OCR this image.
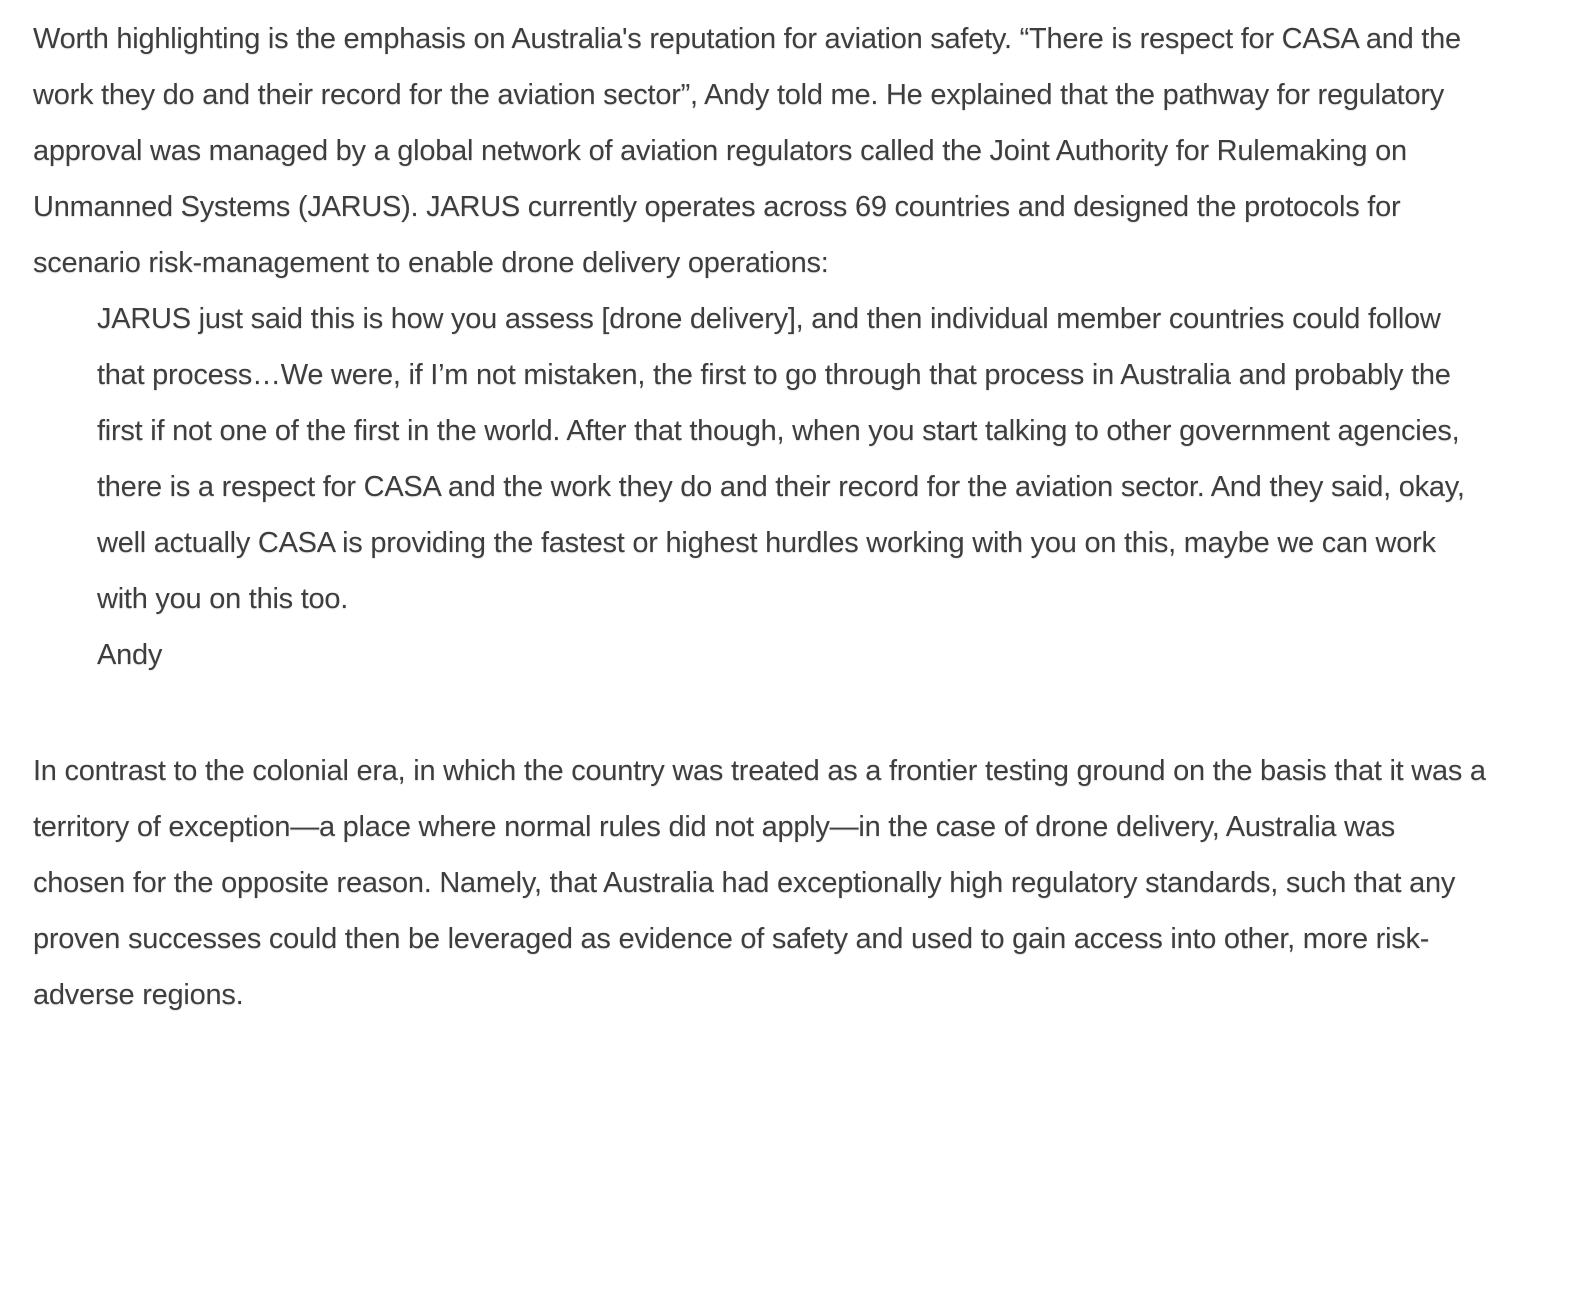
Worth highlighting is the emphasis on Australia's reputation for aviation safety. “There is respect for CASA and the work they do and their record for the aviation sector”, Andy told me. He explained that the pathway for regulatory approval was managed by a global network of aviation regulators called the Joint Authority for Rulemaking on Unmanned Systems (JARUS). JARUS currently operates across 69 countries and designed the protocols for scenario risk-management to enable drone delivery operations:

JARUS just said this is how you assess [drone delivery], and then individual member countries could follow that process…We were, if I’m not mistaken, the first to go through that process in Australia and probably the first if not one of the first in the world. After that though, when you start talking to other government agencies, there is a respect for CASA and the work they do and their record for the aviation sector. And they said, okay, well actually CASA is providing the fastest or highest hurdles working with you on this, maybe we can work with you on this too.

Andy

In contrast to the colonial era, in which the country was treated as a frontier testing ground on the basis that it was a territory of exception—a place where normal rules did not apply—in the case of drone delivery, Australia was chosen for the opposite reason. Namely, that Australia had exceptionally high regulatory standards, such that any proven successes could then be leveraged as evidence of safety and used to gain access into other, more risk-adverse regions.
